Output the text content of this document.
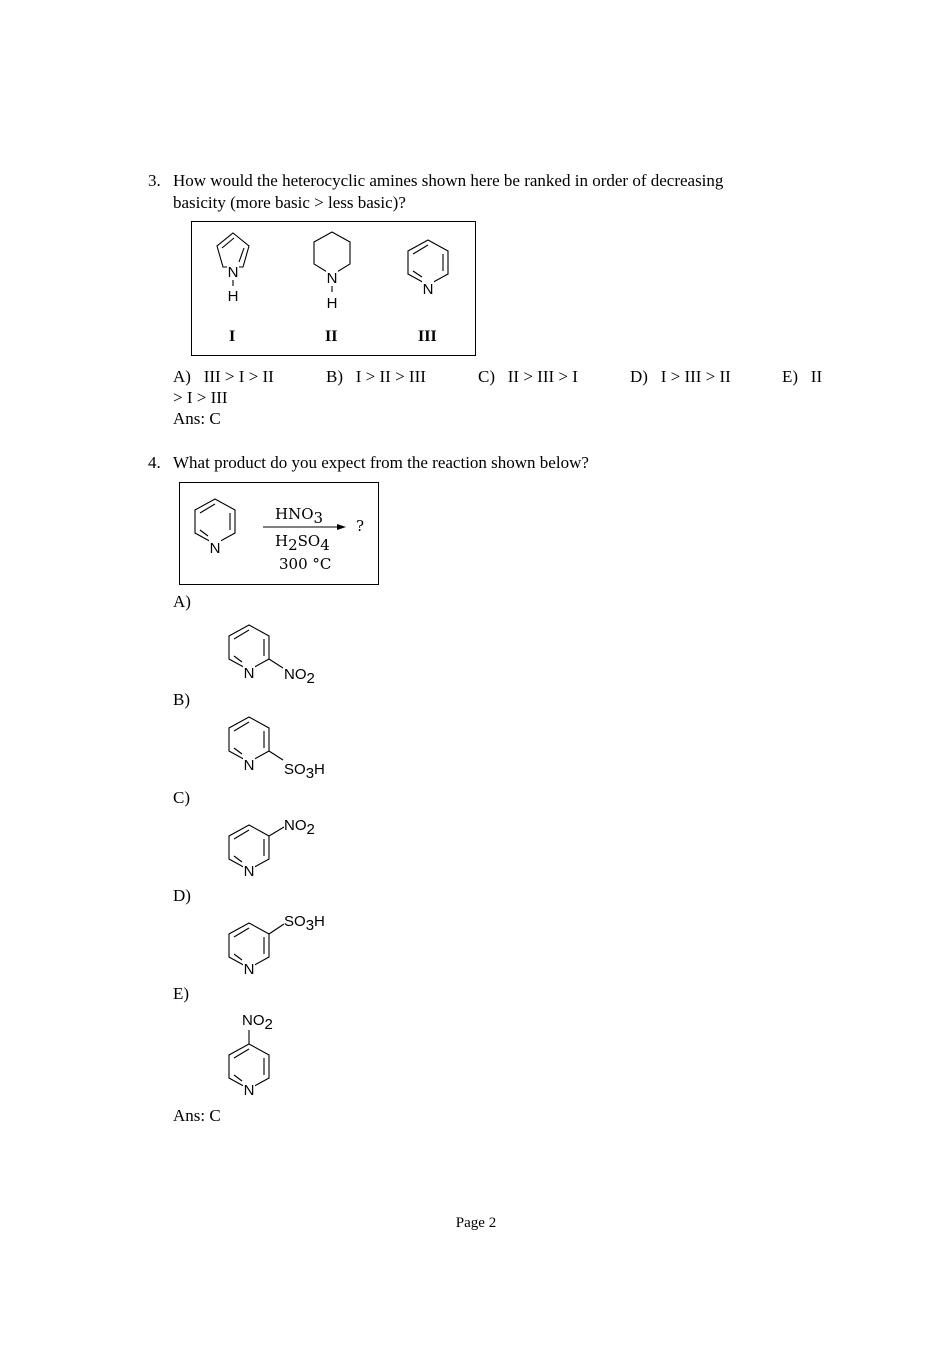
3. How would the heterocyclic amines shown here be ranked in order of decreasing
basicity (more basic > less basic)?
N
H
N
H
N
I	II	III
A) III > I > II	B) I > II > III	C) II > III > I	D) I > III > II	E) II
> I > III
Ans: C
4. What product do you expect from the reaction shown below?
N
HNO3 ?
H2SO4
300 °C
A)
N NO2
B)
N SO3H
C)
N
NO2
D)
N
SO3H
E)
NO2
N
Ans: C
Page 2
